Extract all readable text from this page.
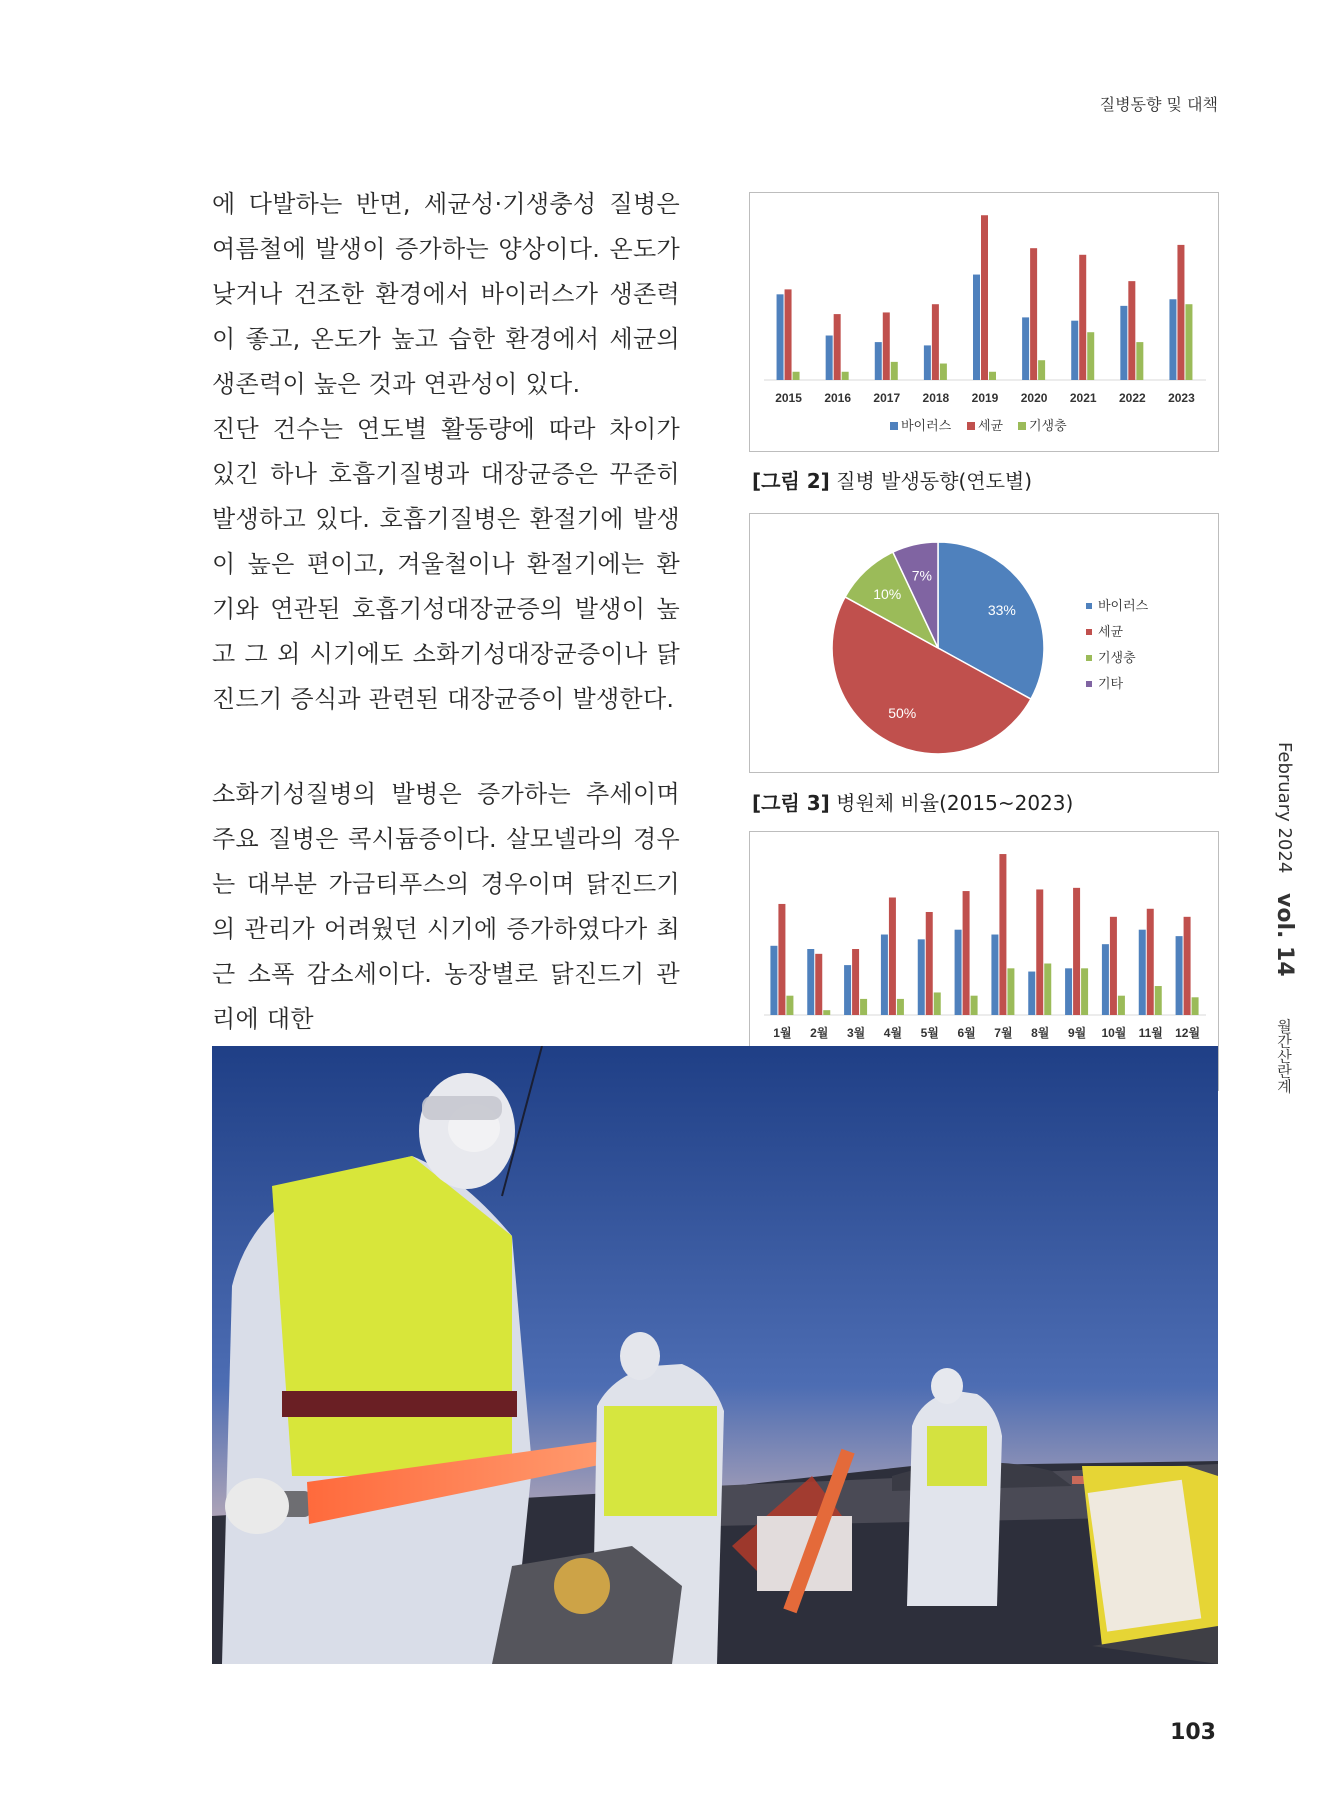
질병동향 및 대책

에 다발하는 반면, 세균성·기생충성 질병은 여름철에 발생이 증가하는 양상이다. 온도가 낮거나 건조한 환경에서 바이러스가 생존력이 좋고, 온도가 높고 습한 환경에서 세균의 생존력이 높은 것과 연관성이 있다.

진단 건수는 연도별 활동량에 따라 차이가 있긴 하나 호흡기질병과 대장균증은 꾸준히 발생하고 있다. 호흡기질병은 환절기에 발생이 높은 편이고, 겨울철이나 환절기에는 환기와 연관된 호흡기성대장균증의 발생이 높고 그 외 시기에도 소화기성대장균증이나 닭진드기 증식과 관련된 대장균증이 발생한다.

소화기성질병의 발병은 증가하는 추세이며 주요 질병은 콕시듐증이다. 살모넬라의 경우는 대부분 가금티푸스의 경우이며 닭진드기의 관리가 어려웠던 시기에 증가하였다가 최근 소폭 감소세이다. 농장별로 닭진드기 관리에 대한

2015 2016 2017 2018 2019 2020 2021 2022 2023
바이러스 세균 기생충
[그림 2] 질병 발생동향(연도별)
33%
50%
10%
7%
바이러스
세균
기생충
기타
[그림 3] 병원체 비율(2015~2023)
1월 2월 3월 4월 5월 6월 7월 8월 9월 10월 11월 12월
February 2024 vol. 14  월간산란계
103
